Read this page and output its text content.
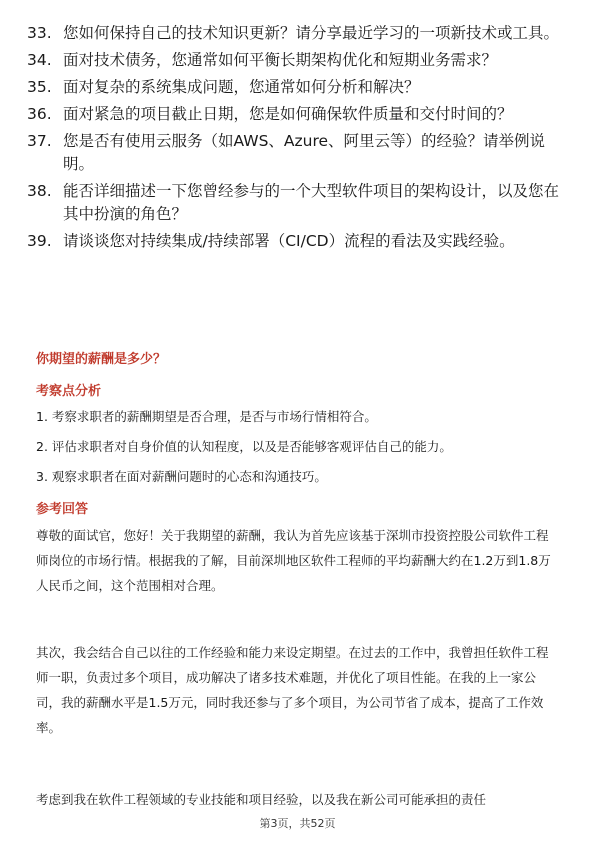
33. 您如何保持自己的技术知识更新？请分享最近学习的一项新技术或工具。
34. 面对技术债务，您通常如何平衡长期架构优化和短期业务需求？
35. 面对复杂的系统集成问题，您通常如何分析和解决？
36. 面对紧急的项目截止日期，您是如何确保软件质量和交付时间的？
37. 您是否有使用云服务（如AWS、Azure、阿里云等）的经验？请举例说明。
38. 能否详细描述一下您曾经参与的一个大型软件项目的架构设计，以及您在其中扮演的角色？
39. 请谈谈您对持续集成/持续部署（CI/CD）流程的看法及实践经验。
你期望的薪酬是多少？
考察点分析
1. 考察求职者的薪酬期望是否合理，是否与市场行情相符合。
2. 评估求职者对自身价值的认知程度，以及是否能够客观评估自己的能力。
3. 观察求职者在面对薪酬问题时的心态和沟通技巧。
参考回答
尊敬的面试官，您好！关于我期望的薪酬，我认为首先应该基于深圳市投资控股公司软件工程师岗位的市场行情。根据我的了解，目前深圳地区软件工程师的平均薪酬大约在1.2万到1.8万人民币之间，这个范围相对合理。
其次，我会结合自己以往的工作经验和能力来设定期望。在过去的工作中，我曾担任软件工程师一职，负责过多个项目，成功解决了诸多技术难题，并优化了项目性能。在我的上一家公司，我的薪酬水平是1.5万元，同时我还参与了多个项目，为公司节省了成本，提高了工作效率。
考虑到我在软件工程领域的专业技能和项目经验，以及我在新公司可能承担的责任
第3页，共52页
